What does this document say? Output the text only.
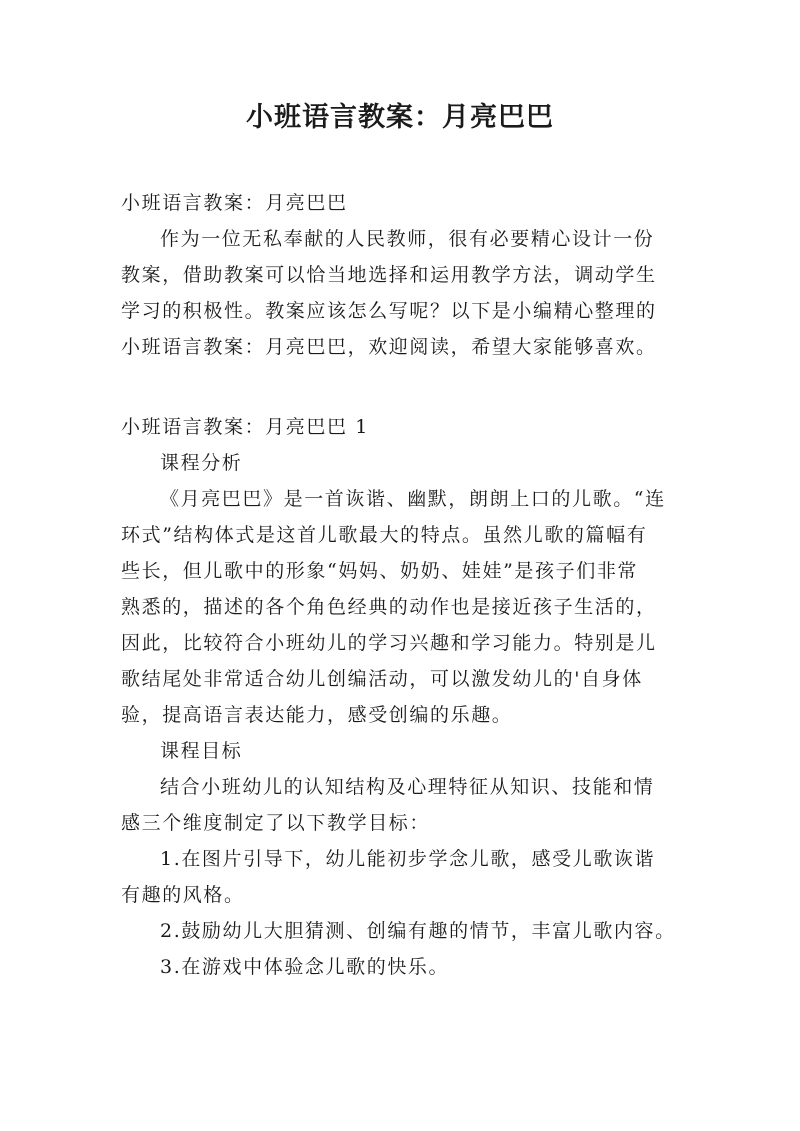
小班语言教案：月亮巴巴
小班语言教案：月亮巴巴
作为一位无私奉献的人民教师，很有必要精心设计一份
教案，借助教案可以恰当地选择和运用教学方法，调动学生
学习的积极性。教案应该怎么写呢？以下是小编精心整理的
小班语言教案：月亮巴巴，欢迎阅读，希望大家能够喜欢。
小班语言教案：月亮巴巴 1
课程分析
《月亮巴巴》是一首诙谐、幽默，朗朗上口的儿歌。“连
环式”结构体式是这首儿歌最大的特点。虽然儿歌的篇幅有
些长，但儿歌中的形象“妈妈、奶奶、娃娃”是孩子们非常
熟悉的，描述的各个角色经典的动作也是接近孩子生活的，
因此，比较符合小班幼儿的学习兴趣和学习能力。特别是儿
歌结尾处非常适合幼儿创编活动，可以激发幼儿的'自身体
验，提高语言表达能力，感受创编的乐趣。
课程目标
结合小班幼儿的认知结构及心理特征从知识、技能和情
感三个维度制定了以下教学目标：
1.在图片引导下，幼儿能初步学念儿歌，感受儿歌诙谐
有趣的风格。
2.鼓励幼儿大胆猜测、创编有趣的情节，丰富儿歌内容。
3.在游戏中体验念儿歌的快乐。
